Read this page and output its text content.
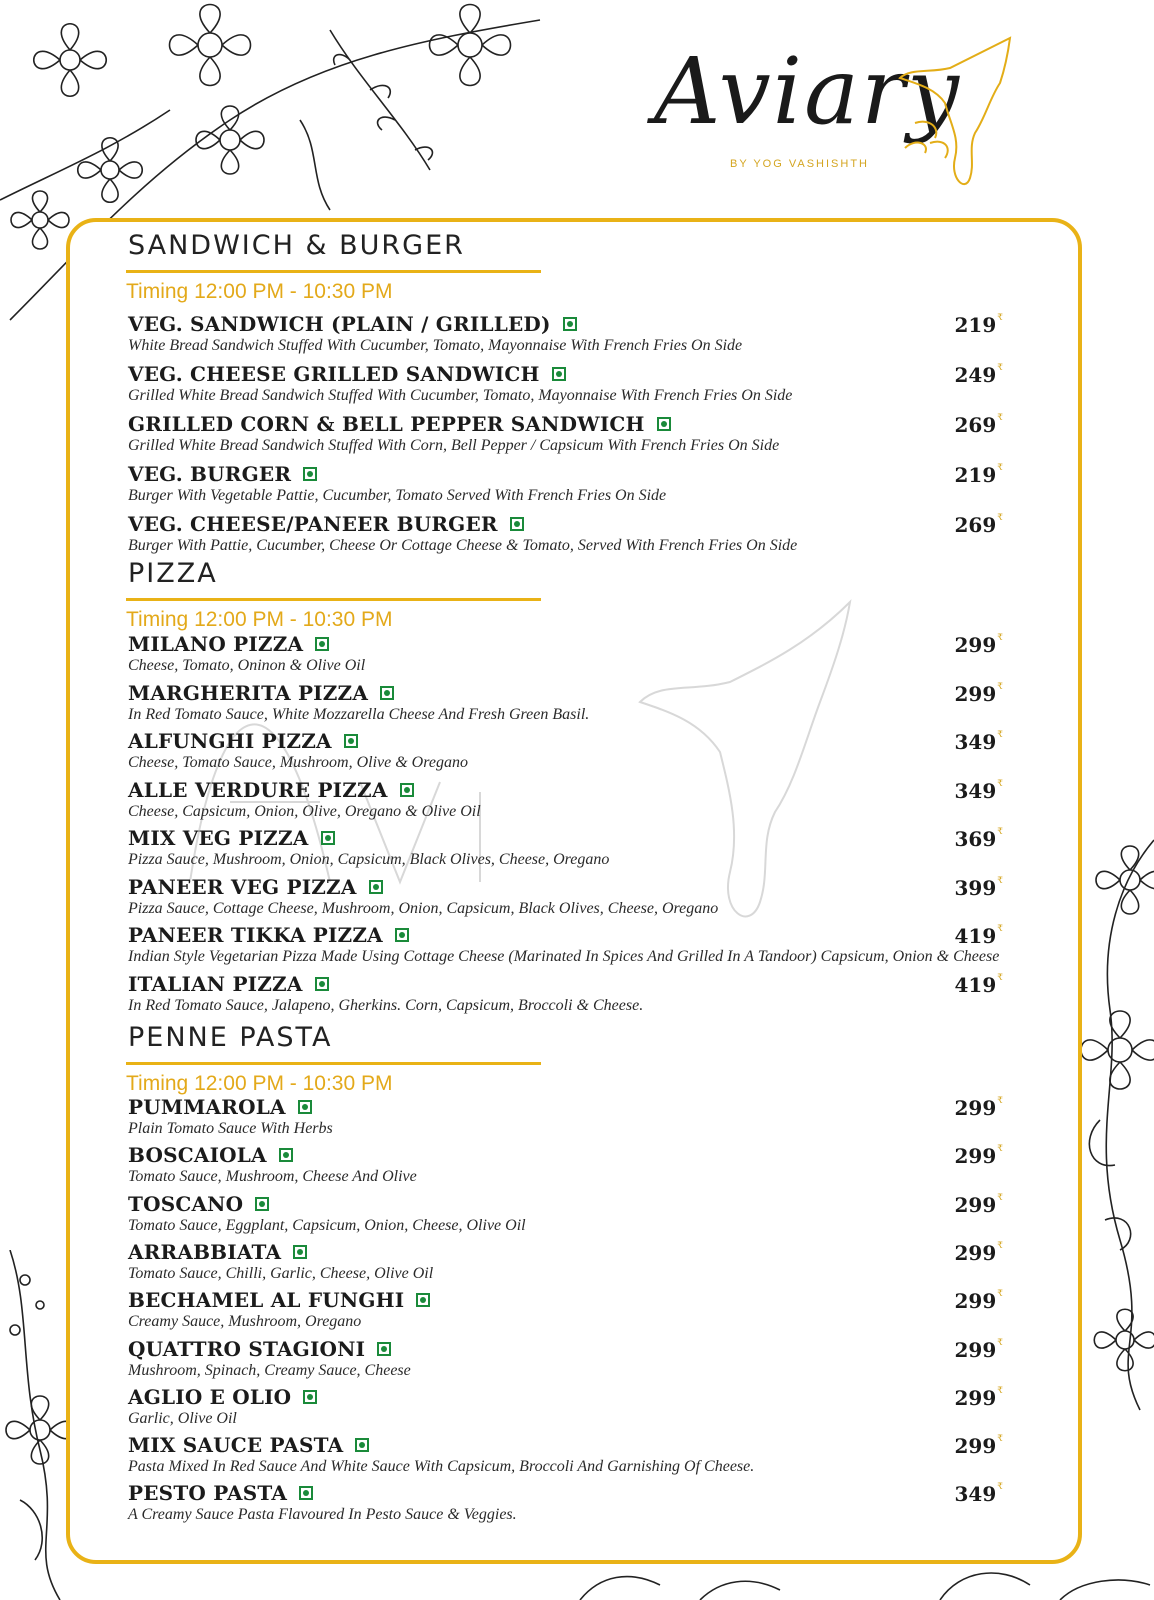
Aviary
BY YOG VASHISHTH
SANDWICH & BURGER
Timing 12:00 PM - 10:30 PM
VEG. SANDWICH (PLAIN / GRILLED)
White Bread Sandwich Stuffed With Cucumber, Tomato, Mayonnaise With French Fries On Side
219₹
VEG. CHEESE GRILLED SANDWICH
Grilled White Bread Sandwich Stuffed With Cucumber, Tomato, Mayonnaise With French Fries On Side
249₹
GRILLED CORN & BELL PEPPER SANDWICH
Grilled White Bread Sandwich Stuffed With Corn, Bell Pepper / Capsicum With French Fries On Side
269₹
VEG. BURGER
Burger With Vegetable Pattie, Cucumber, Tomato Served With French Fries On Side
219₹
VEG. CHEESE/PANEER BURGER
Burger With Pattie, Cucumber, Cheese Or Cottage Cheese & Tomato, Served With French Fries On Side
269₹
PIZZA
Timing 12:00 PM - 10:30 PM
MILANO PIZZA
Cheese, Tomato, Oninon & Olive Oil
299₹
MARGHERITA PIZZA
In Red Tomato Sauce, White Mozzarella Cheese And Fresh Green Basil.
299₹
ALFUNGHI PIZZA
Cheese, Tomato Sauce, Mushroom, Olive & Oregano
349₹
ALLE VERDURE PIZZA
Cheese, Capsicum, Onion, Olive, Oregano & Olive Oil
349₹
MIX VEG PIZZA
Pizza Sauce, Mushroom, Onion, Capsicum, Black Olives, Cheese, Oregano
369₹
PANEER VEG PIZZA
Pizza Sauce, Cottage Cheese, Mushroom, Onion, Capsicum, Black Olives, Cheese, Oregano
399₹
PANEER TIKKA PIZZA
Indian Style Vegetarian Pizza Made Using Cottage Cheese (Marinated In Spices And Grilled In A Tandoor) Capsicum, Onion & Cheese
419₹
ITALIAN PIZZA
In Red Tomato Sauce, Jalapeno, Gherkins. Corn, Capsicum, Broccoli & Cheese.
419₹
PENNE PASTA
Timing 12:00 PM - 10:30 PM
PUMMAROLA
Plain Tomato Sauce With Herbs
299₹
BOSCAIOLA
Tomato Sauce, Mushroom, Cheese And Olive
299₹
TOSCANO
Tomato Sauce, Eggplant, Capsicum, Onion, Cheese, Olive Oil
299₹
ARRABBIATA
Tomato Sauce, Chilli, Garlic, Cheese, Olive Oil
299₹
BECHAMEL AL FUNGHI
Creamy Sauce, Mushroom, Oregano
299₹
QUATTRO STAGIONI
Mushroom, Spinach, Creamy Sauce, Cheese
299₹
AGLIO E OLIO
Garlic, Olive Oil
299₹
MIX SAUCE PASTA
Pasta Mixed In Red Sauce And White Sauce With Capsicum, Broccoli And Garnishing Of Cheese.
299₹
PESTO PASTA
A Creamy Sauce Pasta Flavoured In Pesto Sauce & Veggies.
349₹
